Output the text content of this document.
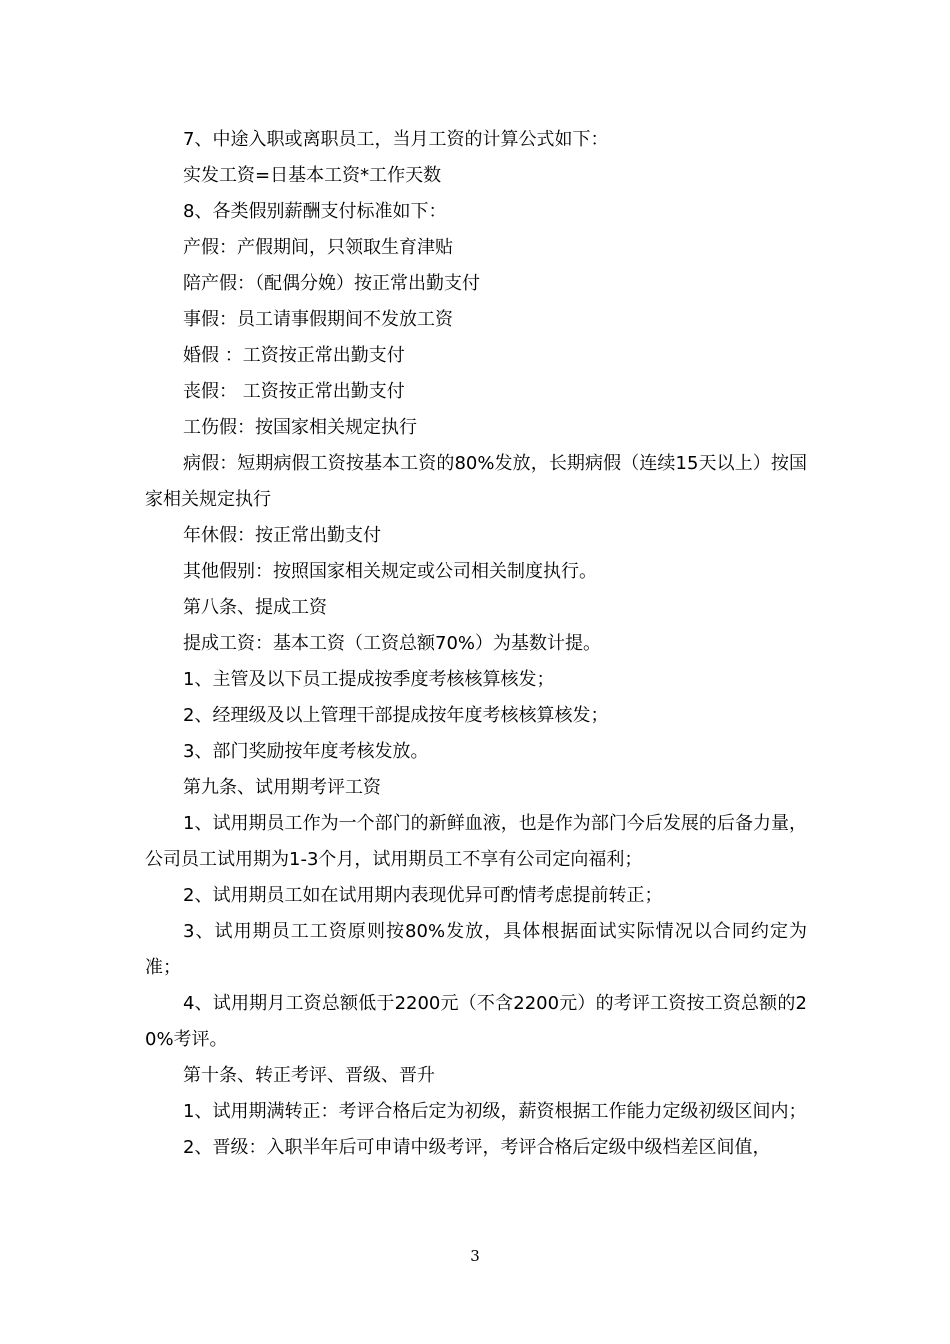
7、中途入职或离职员工，当月工资的计算公式如下：

实发工资=日基本工资*工作天数

8、各类假别薪酬支付标准如下：

产假：产假期间，只领取生育津贴

陪产假：（配偶分娩）按正常出勤支付

事假：员工请事假期间不发放工资

婚假 ：工资按正常出勤支付

丧假： 工资按正常出勤支付

工伤假：按国家相关规定执行

病假：短期病假工资按基本工资的80%发放，长期病假（连续15天以上）按国家相关规定执行

年休假：按正常出勤支付

其他假别：按照国家相关规定或公司相关制度执行。

第八条、提成工资

提成工资：基本工资（工资总额70%）为基数计提。

1、主管及以下员工提成按季度考核核算核发；

2、经理级及以上管理干部提成按年度考核核算核发；

3、部门奖励按年度考核发放。

第九条、试用期考评工资

1、试用期员工作为一个部门的新鲜血液，也是作为部门今后发展的后备力量，公司员工试用期为1-3个月，试用期员工不享有公司定向福利；

2、试用期员工如在试用期内表现优异可酌情考虑提前转正；

3、试用期员工工资原则按80%发放，具体根据面试实际情况以合同约定为准；

4、试用期月工资总额低于2200元（不含2200元）的考评工资按工资总额的20%考评。

第十条、转正考评、晋级、晋升

1、试用期满转正：考评合格后定为初级，薪资根据工作能力定级初级区间内；

2、晋级：入职半年后可申请中级考评，考评合格后定级中级档差区间值，

3
